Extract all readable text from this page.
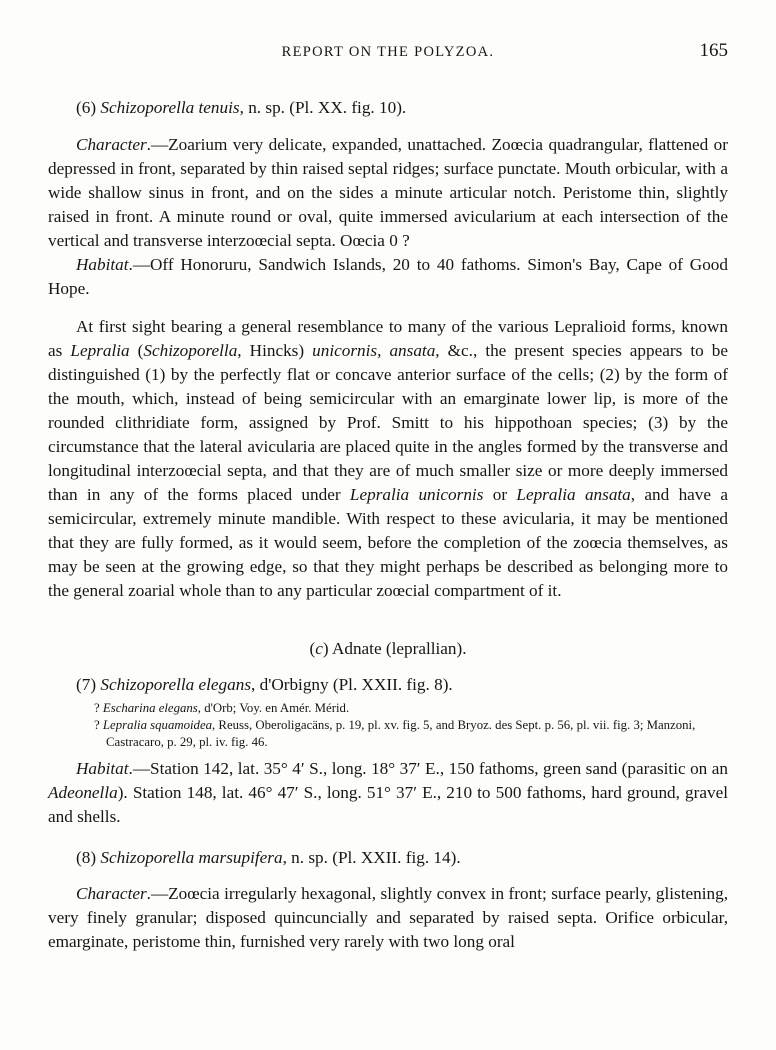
REPORT ON THE POLYZOA.	165

(6) Schizoporella tenuis, n. sp. (Pl. XX. fig. 10).

Character.—Zoarium very delicate, expanded, unattached. Zoœcia quadrangular, flattened or depressed in front, separated by thin raised septal ridges; surface punctate. Mouth orbicular, with a wide shallow sinus in front, and on the sides a minute articular notch. Peristome thin, slightly raised in front. A minute round or oval, quite immersed avicularium at each intersection of the vertical and transverse interzoœcial septa. Oœcia 0 ?

Habitat.—Off Honoruru, Sandwich Islands, 20 to 40 fathoms. Simon's Bay, Cape of Good Hope.

At first sight bearing a general resemblance to many of the various Lepralioid forms, known as Lepralia (Schizoporella, Hincks) unicornis, ansata, &c., the present species appears to be distinguished (1) by the perfectly flat or concave anterior surface of the cells; (2) by the form of the mouth, which, instead of being semicircular with an emarginate lower lip, is more of the rounded clithridiate form, assigned by Prof. Smitt to his hippothoan species; (3) by the circumstance that the lateral avicularia are placed quite in the angles formed by the transverse and longitudinal interzoœcial septa, and that they are of much smaller size or more deeply immersed than in any of the forms placed under Lepralia unicornis or Lepralia ansata, and have a semicircular, extremely minute mandible. With respect to these avicularia, it may be mentioned that they are fully formed, as it would seem, before the completion of the zoœcia themselves, as may be seen at the growing edge, so that they might perhaps be described as belonging more to the general zoarial whole than to any particular zoœcial compartment of it.

(c) Adnate (leprallian).

(7) Schizoporella elegans, d'Orbigny (Pl. XXII. fig. 8).

? Escharina elegans, d'Orb; Voy. en Amér. Mérid.
? Lepralia squamoidea, Reuss, Oberoligacäns, p. 19, pl. xv. fig. 5, and Bryoz. des Sept. p. 56, pl. vii. fig. 3; Manzoni, Castracaro, p. 29, pl. iv. fig. 46.

Habitat.—Station 142, lat. 35° 4′ S., long. 18° 37′ E., 150 fathoms, green sand (parasitic on an Adeonella). Station 148, lat. 46° 47′ S., long. 51° 37′ E., 210 to 500 fathoms, hard ground, gravel and shells.

(8) Schizoporella marsupifera, n. sp. (Pl. XXII. fig. 14).

Character.—Zoœcia irregularly hexagonal, slightly convex in front; surface pearly, glistening, very finely granular; disposed quincuncially and separated by raised septa. Orifice orbicular, emarginate, peristome thin, furnished very rarely with two long oral
